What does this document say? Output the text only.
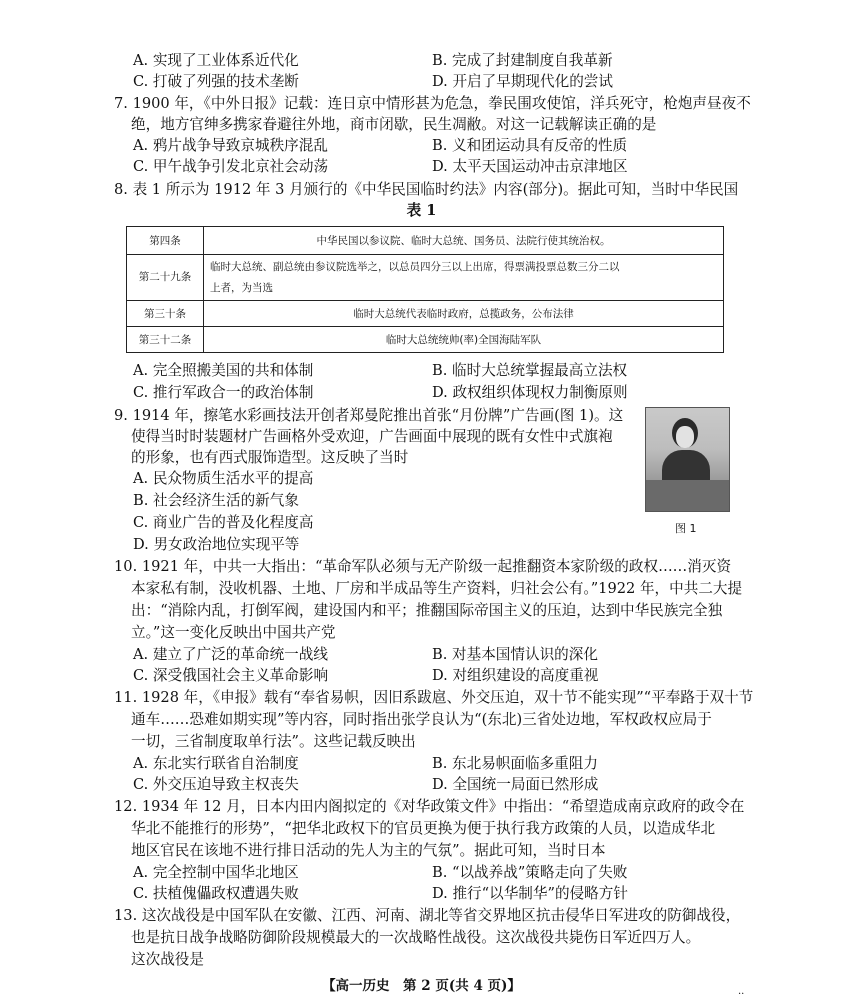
A. 实现了工业体系近代化	B. 完成了封建制度自我革新
C. 打破了列强的技术垄断	D. 开启了早期现代化的尝试
7. 1900 年，《中外日报》记载：连日京中情形甚为危急，拳民围攻使馆，洋兵死守，枪炮声昼夜不
绝，地方官绅多携家眷避往外地，商市闭歇，民生凋敝。对这一记载解读正确的是
A. 鸦片战争导致京城秩序混乱	B. 义和团运动具有反帝的性质
C. 甲午战争引发北京社会动荡	D. 太平天国运动冲击京津地区
8. 表 1 所示为 1912 年 3 月颁行的《中华民国临时约法》内容(部分)。据此可知，当时中华民国
表 1
第四条	中华民国以参议院、临时大总统、国务员、法院行使其统治权。
第二十九条	临时大总统、副总统由参议院选举之，以总员四分三以上出席，得票满投票总数三分二以
上者，为当选

第三十条	临时大总统代表临时政府，总揽政务，公布法律
第三十二条	临时大总统统帅(率)全国海陆军队
A. 完全照搬美国的共和体制	B. 临时大总统掌握最高立法权
C. 推行军政合一的政治体制	D. 政权组织体现权力制衡原则
9. 1914 年，擦笔水彩画技法开创者郑曼陀推出首张“月份牌”广告画(图 1)。这
使得当时时装题材广告画格外受欢迎，广告画面中展现的既有女性中式旗袍
的形象，也有西式服饰造型。这反映了当时
A. 民众物质生活水平的提高
B. 社会经济生活的新气象
C. 商业广告的普及化程度高
D. 男女政治地位实现平等
图 1
10. 1921 年，中共一大指出：“革命军队必须与无产阶级一起推翻资本家阶级的政权……消灭资
本家私有制，没收机器、土地、厂房和半成品等生产资料，归社会公有。”1922 年，中共二大提
出：“消除内乱，打倒军阀，建设国内和平；推翻国际帝国主义的压迫，达到中华民族完全独
立。”这一变化反映出中国共产党
A. 建立了广泛的革命统一战线	B. 对基本国情认识的深化
C. 深受俄国社会主义革命影响	D. 对组织建设的高度重视
11. 1928 年，《申报》载有“奉省易帜，因旧系跋扈、外交压迫，双十节不能实现”“平奉路于双十节
通车……恐难如期实现”等内容，同时指出张学良认为“(东北)三省处边地，军权政权应局于
一切，三省制度取单行法”。这些记载反映出
A. 东北实行联省自治制度	B. 东北易帜面临多重阻力
C. 外交压迫导致主权丧失	D. 全国统一局面已然形成
12. 1934 年 12 月，日本内田内阁拟定的《对华政策文件》中指出：“希望造成南京政府的政令在
华北不能推行的形势”，“把华北政权下的官员更换为便于执行我方政策的人员，以造成华北
地区官民在该地不进行排日活动的先人为主的气氛”。据此可知，当时日本
A. 完全控制中国华北地区	B. “以战养战”策略走向了失败
C. 扶植傀儡政权遭遇失败	D. 推行“以华制华”的侵略方针
13. 这次战役是中国军队在安徽、江西、河南、湖北等省交界地区抗击侵华日军进攻的防御战役，
也是抗日战争战略防御阶段规模最大的一次战略性战役。这次战役共毙伤日军近四万人。
这次战役是
【高一历史　第 2 页(共 4 页)】	..
